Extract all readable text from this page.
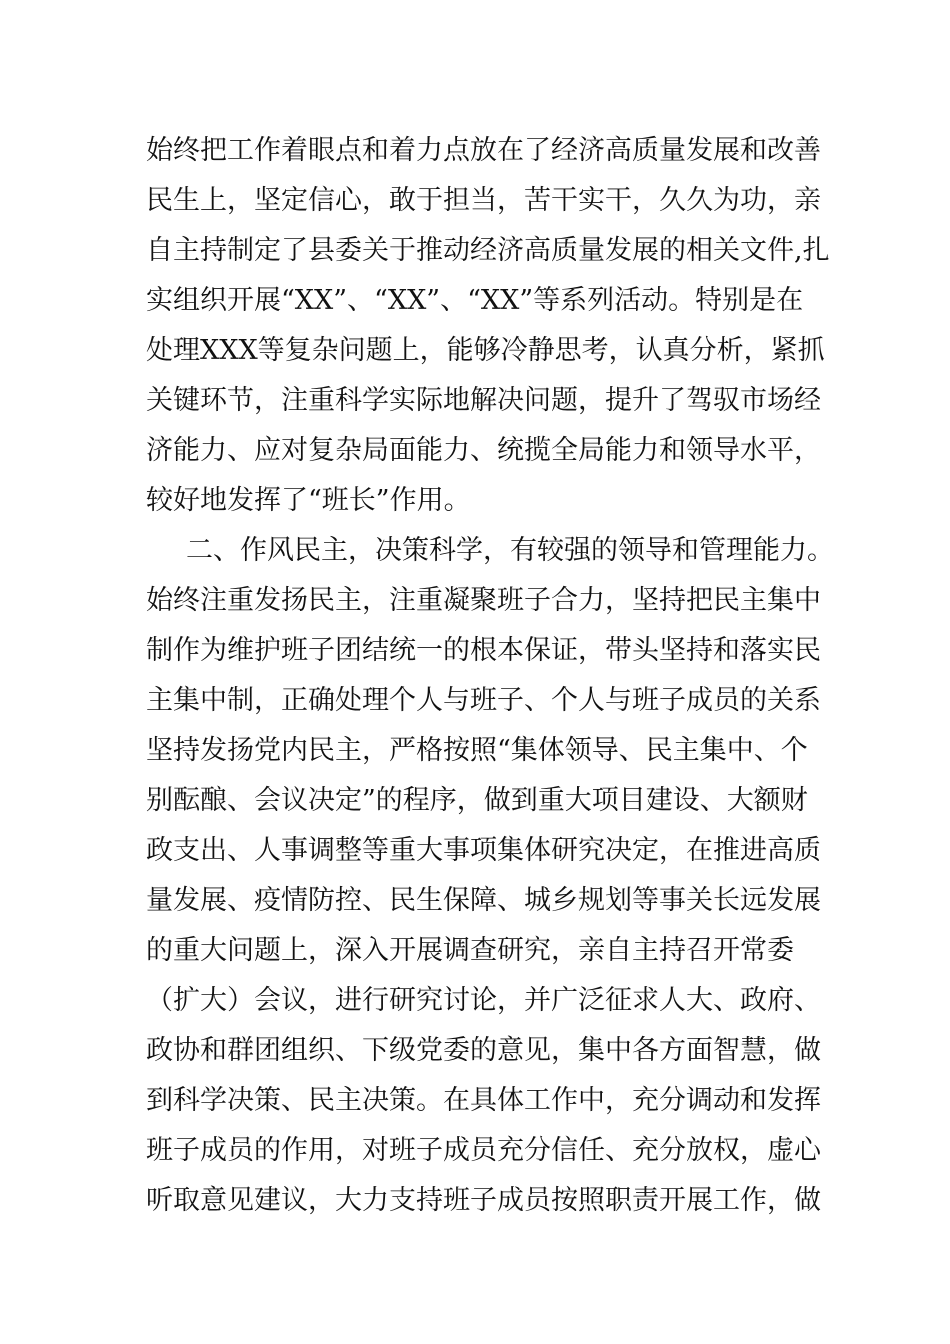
始终把工作着眼点和着力点放在了经济高质量发展和改善
民生上，坚定信心，敢于担当，苦干实干，久久为功，亲
自主持制定了县委关于推动经济高质量发展的相关文件,扎
实组织开展“XX”、“XX”、“XX”等系列活动。特别是在
处理XXX等复杂问题上，能够冷静思考，认真分析，紧抓
关键环节，注重科学实际地解决问题，提升了驾驭市场经
济能力、应对复杂局面能力、统揽全局能力和领导水平，
较好地发挥了“班长”作用。
二、作风民主，决策科学，有较强的领导和管理能力。
始终注重发扬民主，注重凝聚班子合力，坚持把民主集中
制作为维护班子团结统一的根本保证，带头坚持和落实民
主集中制，正确处理个人与班子、个人与班子成员的关系
坚持发扬党内民主，严格按照“集体领导、民主集中、个
别酝酿、会议决定”的程序，做到重大项目建设、大额财
政支出、人事调整等重大事项集体研究决定，在推进高质
量发展、疫情防控、民生保障、城乡规划等事关长远发展
的重大问题上，深入开展调查研究，亲自主持召开常委
（扩大）会议，进行研究讨论，并广泛征求人大、政府、
政协和群团组织、下级党委的意见，集中各方面智慧，做
到科学决策、民主决策。在具体工作中，充分调动和发挥
班子成员的作用，对班子成员充分信任、充分放权，虚心
听取意见建议，大力支持班子成员按照职责开展工作，做
